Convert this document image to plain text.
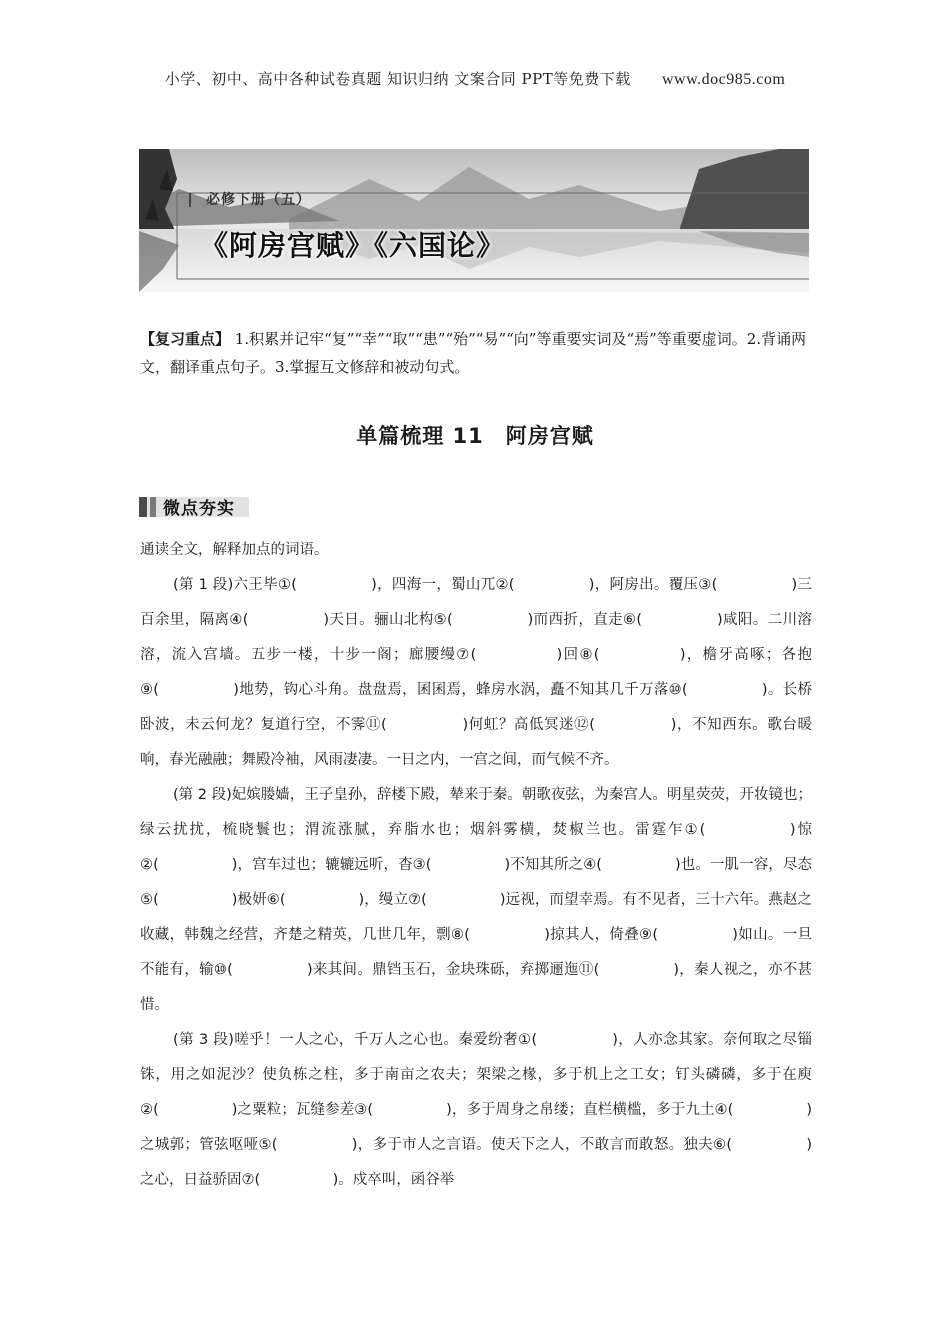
小学、初中、高中各种试卷真题 知识归纳 文案合同 PPT等免费下载 www.doc985.com
必修下册（五）
《阿房宫赋》《六国论》
【复习重点】 1.积累并记牢“复”“幸”“取”“患”“殆”“易”“向”等重要实词及“焉”等重要虚词。2.背诵两文，翻译重点句子。3.掌握互文修辞和被动句式。
单篇梳理 11　阿房宫赋
微点夯实

通读全文，解释加点的词语。

(第 1 段)六王毕①(　　　　　)，四海一，蜀山兀②(　　　　　)，阿房出。覆压③(　　　　　)三百余里，隔离④(　　　　　)天日。骊山北构⑤(　　　　　)而西折，直走⑥(　　　　　)咸阳。二川溶溶，流入宫墙。五步一楼，十步一阁；廊腰缦⑦(　　　　　)回⑧(　　　　　)，檐牙高啄；各抱⑨(　　　　　)地势，钩心斗角。盘盘焉，囷囷焉，蜂房水涡，矗不知其几千万落⑩(　　　　　)。长桥卧波，未云何龙？复道行空，不霁⑪(　　　　　)何虹？高低冥迷⑫(　　　　　)，不知西东。歌台暖响，春光融融；舞殿冷袖，风雨凄凄。一日之内，一宫之间，而气候不齐。

(第 2 段)妃嫔媵嫱，王子皇孙，辞楼下殿，辇来于秦。朝歌夜弦，为秦宫人。明星荧荧，开妆镜也；绿云扰扰，梳晓鬟也；渭流涨腻，弃脂水也；烟斜雾横，焚椒兰也。雷霆乍①(　　　　　)惊②(　　　　　)，宫车过也；辘辘远听，杳③(　　　　　)不知其所之④(　　　　　)也。一肌一容，尽态⑤(　　　　　)极妍⑥(　　　　　)，缦立⑦(　　　　　)远视，而望幸焉。有不见者，三十六年。燕赵之收藏，韩魏之经营，齐楚之精英，几世几年，剽⑧(　　　　　)掠其人，倚叠⑨(　　　　　)如山。一旦不能有，输⑩(　　　　　)来其间。鼎铛玉石，金块珠砾，弃掷逦迤⑪(　　　　　)，秦人视之，亦不甚惜。

(第 3 段)嗟乎！一人之心，千万人之心也。秦爱纷奢①(　　　　　)，人亦念其家。奈何取之尽锱铢，用之如泥沙？使负栋之柱，多于南亩之农夫；架梁之椽，多于机上之工女；钉头磷磷，多于在庾②(　　　　　)之粟粒；瓦缝参差③(　　　　　)，多于周身之帛缕；直栏横槛，多于九土④(　　　　　)之城郭；管弦呕哑⑤(　　　　　)，多于市人之言语。使天下之人，不敢言而敢怒。独夫⑥(　　　　　)之心，日益骄固⑦(　　　　　)。戍卒叫，函谷举
